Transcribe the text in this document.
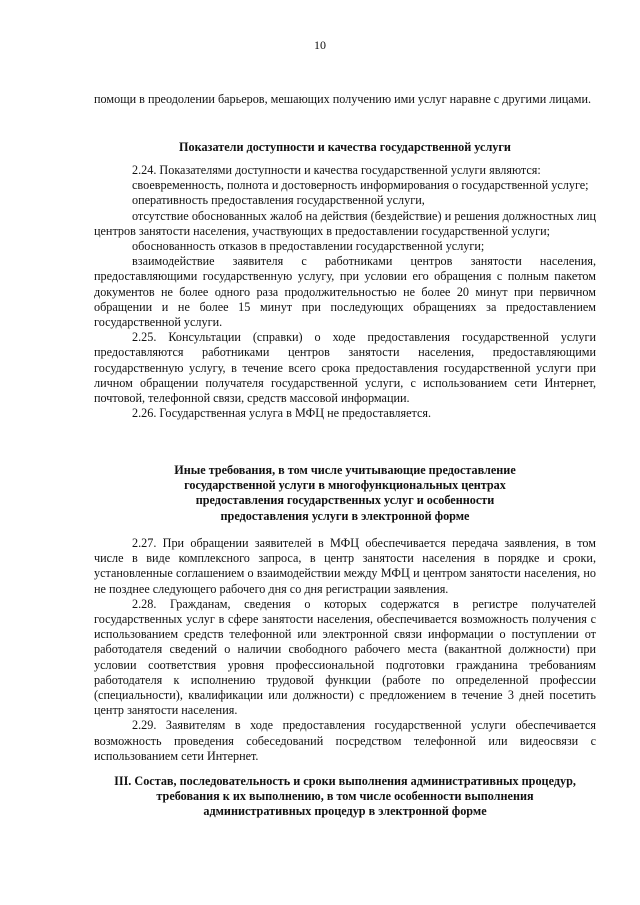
10

помощи в преодолении барьеров, мешающих получению ими услуг наравне с другими лицами.

Показатели доступности и качества государственной услуги

2.24. Показателями доступности и качества государственной услуги являются:

своевременность, полнота и достоверность информирования о государственной услуге;

оперативность предоставления государственной услуги,

отсутствие обоснованных жалоб на действия (бездействие) и решения должностных лиц центров занятости населения, участвующих в предоставлении государственной услуги;

обоснованность отказов в предоставлении государственной услуги;

взаимодействие заявителя с работниками центров занятости населения, предоставляющими государственную услугу, при условии его обращения с полным пакетом документов не более одного раза продолжительностью не более 20 минут при первичном обращении и не более 15 минут при последующих обращениях за предоставлением государственной услуги.

2.25. Консультации (справки) о ходе предоставления государственной услуги предоставляются работниками центров занятости населения, предоставляющими государственную услугу, в течение всего срока предоставления государственной услуги при личном обращении получателя государственной услуги, с использованием сети Интернет, почтовой, телефонной связи, средств массовой информации.

2.26. Государственная услуга в МФЦ не предоставляется.

Иные требования, в том числе учитывающие предоставление

государственной услуги в многофункциональных центрах

предоставления государственных услуг и особенности

предоставления услуги в электронной форме

2.27. При обращении заявителей в МФЦ обеспечивается передача заявления, в том числе в виде комплексного запроса, в центр занятости населения в порядке и сроки, установленные соглашением о взаимодействии между МФЦ и центром занятости населения, но не позднее следующего рабочего дня со дня регистрации заявления.

2.28. Гражданам, сведения о которых содержатся в регистре получателей государственных услуг в сфере занятости населения, обеспечивается возможность получения с использованием средств телефонной или электронной связи информации о поступлении от работодателя сведений о наличии свободного рабочего места (вакантной должности) при условии соответствия уровня профессиональной подготовки гражданина требованиям работодателя к исполнению трудовой функции (работе по определенной профессии (специальности), квалификации или должности) с предложением в течение 3 дней посетить центр занятости населения.

2.29. Заявителям в ходе предоставления государственной услуги обеспечивается возможность проведения собеседований посредством телефонной или видеосвязи с использованием сети Интернет.

III. Состав, последовательность и сроки выполнения административных процедур,

требования к их выполнению, в том числе особенности выполнения

административных процедур в электронной форме
